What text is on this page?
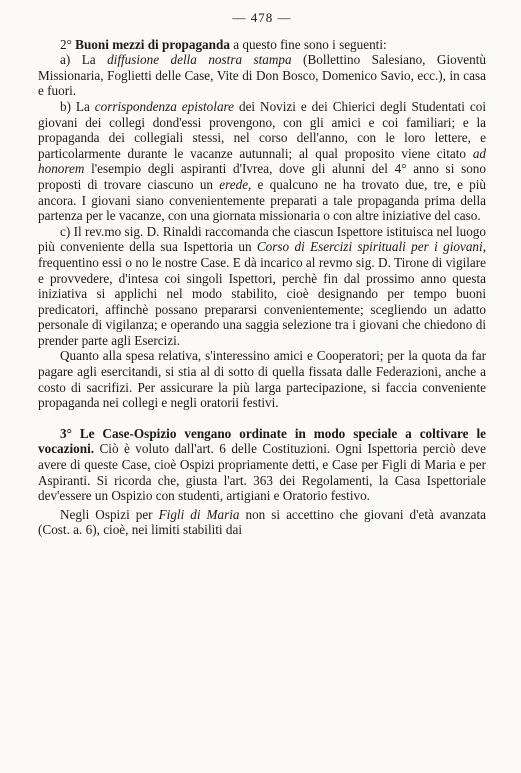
— 478 —

2° Buoni mezzi di propaganda a questo fine sono i seguenti:

a) La diffusione della nostra stampa (Bollettino Salesiano, Gioventù Missionaria, Foglietti delle Case, Vite di Don Bosco, Domenico Savio, ecc.), in casa e fuori.

b) La corrispondenza epistolare dei Novizi e dei Chierici degli Studentati coi giovani dei collegi dond'essi provengono, con gli amici e coi familiari; e la propaganda dei collegiali stessi, nel corso dell'anno, con le loro lettere, e particolarmente durante le vacanze autunnali; al qual proposito viene citato ad honorem l'esempio degli aspiranti d'Ivrea, dove gli alunni del 4° anno si sono proposti di trovare ciascuno un erede, e qualcuno ne ha trovato due, tre, e più ancora. I giovani siano convenientemente preparati a tale propaganda prima della partenza per le vacanze, con una giornata missionaria o con altre iniziative del caso.

c) Il rev.mo sig. D. Rinaldi raccomanda che ciascun Ispettore istituisca nel luogo più conveniente della sua Ispettoria un Corso di Esercizi spirituali per i giovani, frequentino essi o no le nostre Case. E dà incarico al revmo sig. D. Tirone di vigilare e provvedere, d'intesa coi singoli Ispettori, perchè fin dal prossimo anno questa iniziativa si applichi nel modo stabilito, cioè designando per tempo buoni predicatori, affinchè possano prepararsi convenientemente; scegliendo un adatto personale di vigilanza; e operando una saggia selezione tra i giovani che chiedono di prender parte agli Esercizi.

Quanto alla spesa relativa, s'interessino amici e Cooperatori; per la quota da far pagare agli esercitandi, si stia al di sotto di quella fissata dalle Federazioni, anche a costo di sacrifizi. Per assicurare la più larga partecipazione, si faccia conveniente propaganda nei collegi e negli oratorii festivi.

3° Le Case-Ospizio vengano ordinate in modo speciale a coltivare le vocazioni. Ciò è voluto dall'art. 6 delle Costituzioni. Ogni Ispettoria perciò deve avere di queste Case, cioè Ospizi propriamente detti, e Case per Figli di Maria e per Aspiranti. Si ricorda che, giusta l'art. 363 dei Regolamenti, la Casa Ispettoriale dev'essere un Ospizio con studenti, artigiani e Oratorio festivo.

Negli Ospizi per Figli di Maria non si accettino che giovani d'età avanzata (Cost. a. 6), cioè, nei limiti stabiliti dai
